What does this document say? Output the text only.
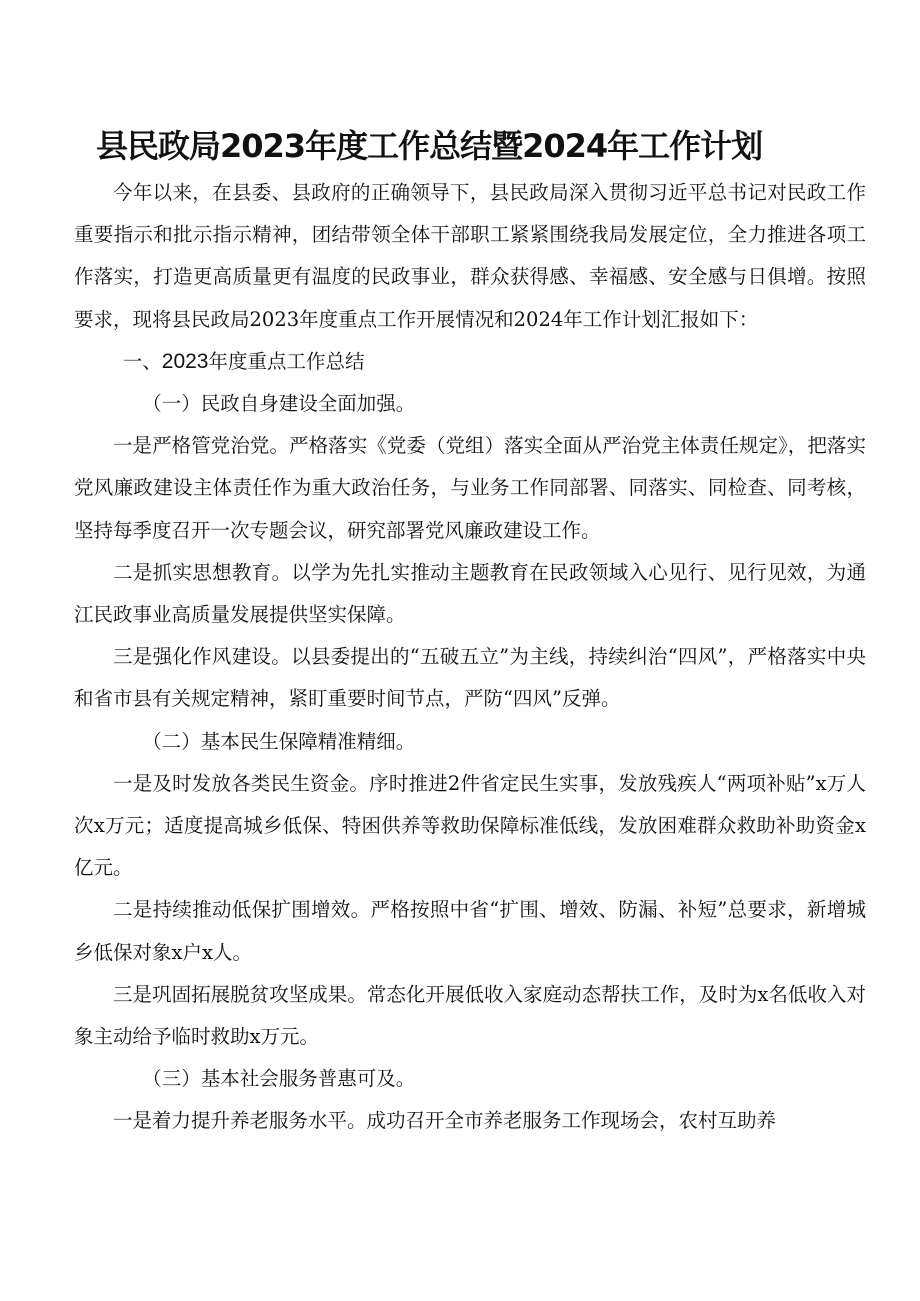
县民政局2023年度工作总结暨2024年工作计划

今年以来，在县委、县政府的正确领导下，县民政局深入贯彻习近平总书记对民政工作重要指示和批示指示精神，团结带领全体干部职工紧紧围绕我局发展定位，全力推进各项工作落实，打造更高质量更有温度的民政事业，群众获得感、幸福感、安全感与日俱增。按照要求，现将县民政局2023年度重点工作开展情况和2024年工作计划汇报如下：

一、2023年度重点工作总结

（一）民政自身建设全面加强。

一是严格管党治党。严格落实《党委（党组）落实全面从严治党主体责任规定》，把落实党风廉政建设主体责任作为重大政治任务，与业务工作同部署、同落实、同检查、同考核，坚持每季度召开一次专题会议，研究部署党风廉政建设工作。

二是抓实思想教育。以学为先扎实推动主题教育在民政领域入心见行、见行见效，为通江民政事业高质量发展提供坚实保障。

三是强化作风建设。以县委提出的“五破五立”为主线，持续纠治“四风”，严格落实中央和省市县有关规定精神，紧盯重要时间节点，严防“四风”反弹。

（二）基本民生保障精准精细。

一是及时发放各类民生资金。序时推进2件省定民生实事，发放残疾人“两项补贴”x万人次x万元；适度提高城乡低保、特困供养等救助保障标准低线，发放困难群众救助补助资金x亿元。

二是持续推动低保扩围增效。严格按照中省“扩围、增效、防漏、补短”总要求，新增城乡低保对象x户x人。

三是巩固拓展脱贫攻坚成果。常态化开展低收入家庭动态帮扶工作，及时为x名低收入对象主动给予临时救助x万元。

（三）基本社会服务普惠可及。

一是着力提升养老服务水平。成功召开全市养老服务工作现场会，农村互助养
